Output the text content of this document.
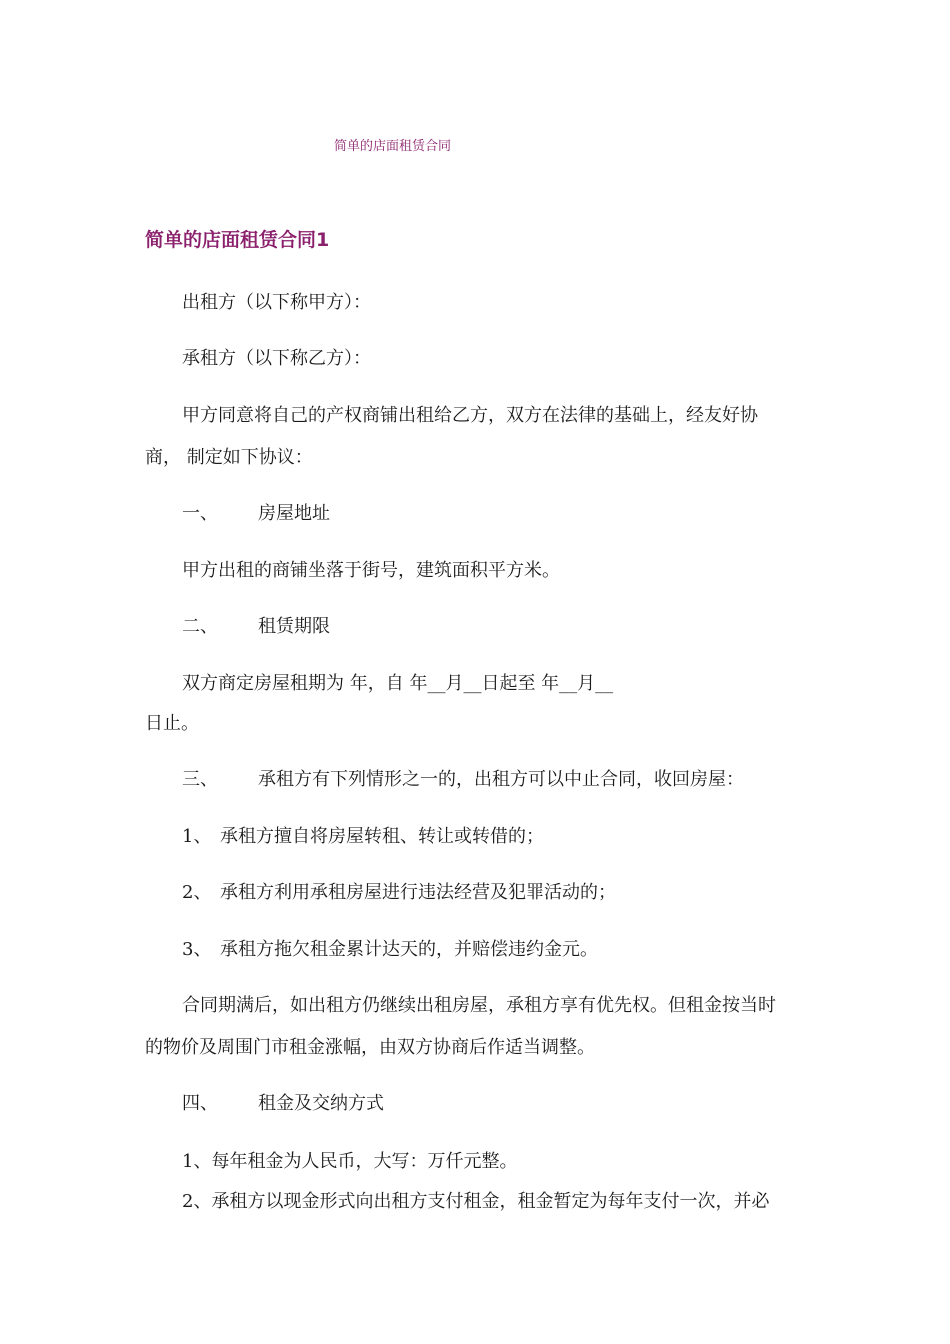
简单的店面租赁合同
简单的店面租赁合同1
出租方（以下称甲方）：
承租方（以下称乙方）：
甲方同意将自己的产权商铺出租给乙方，双方在法律的基础上，经友好协
商， 制定如下协议：
一、 房屋地址
甲方出租的商铺坐落于街号，建筑面积平方米。
二、 租赁期限
双方商定房屋租期为 年，自 年__月__日起至 年__月__
日止。
三、 承租方有下列情形之一的，出租方可以中止合同，收回房屋：
1、 承租方擅自将房屋转租、转让或转借的；
2、 承租方利用承租房屋进行违法经营及犯罪活动的；
3、 承租方拖欠租金累计达天的，并赔偿违约金元。
合同期满后，如出租方仍继续出租房屋，承租方享有优先权。但租金按当时
的物价及周围门市租金涨幅，由双方协商后作适当调整。
四、 租金及交纳方式
1、每年租金为人民币，大写：万仟元整。
2、承租方以现金形式向出租方支付租金，租金暂定为每年支付一次，并必
